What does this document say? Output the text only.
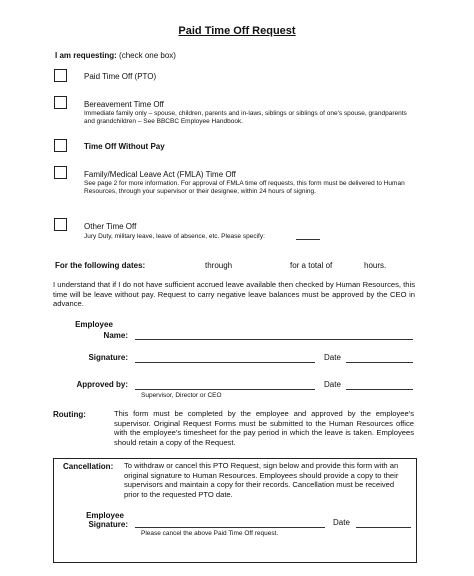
Paid Time Off Request
I am requesting: (check one box)
Paid Time Off (PTO)
Bereavement Time Off
Immediate family only – spouse, children, parents and in-laws, siblings or siblings of one's spouse, grandparents and grandchildren – See BBCBC Employee Handbook.
Time Off Without Pay
Family/Medical Leave Act (FMLA) Time Off
See page 2 for more information. For approval of FMLA time off requests, this form must be delivered to Human Resources, through your supervisor or their designee, within 24 hours of signing.
Other Time Off
Jury Duty, military leave, leave of absence, etc. Please specify:
For the following dates:	through	for a total of	hours.
I understand that if I do not have sufficient accrued leave available then checked by Human Resources, this time will be leave without pay. Request to carry negative leave balances must be approved by the CEO in advance.
Employee
Name:
Signature:	Date
Approved by:	Date
Supervisor, Director or CEO
Routing:	This form must be completed by the employee and approved by the employee's supervisor. Original Request Forms must be submitted to the Human Resources office with the employee's timesheet for the pay period in which the leave is taken. Employees should retain a copy of the Request.
Cancellation: To withdraw or cancel this PTO Request, sign below and provide this form with an original signature to Human Resources. Employees should provide a copy to their supervisors and maintain a copy for their records. Cancellation must be received prior to the requested PTO date.
Employee
Signature:	Date
Please cancel the above Paid Time Off request.
